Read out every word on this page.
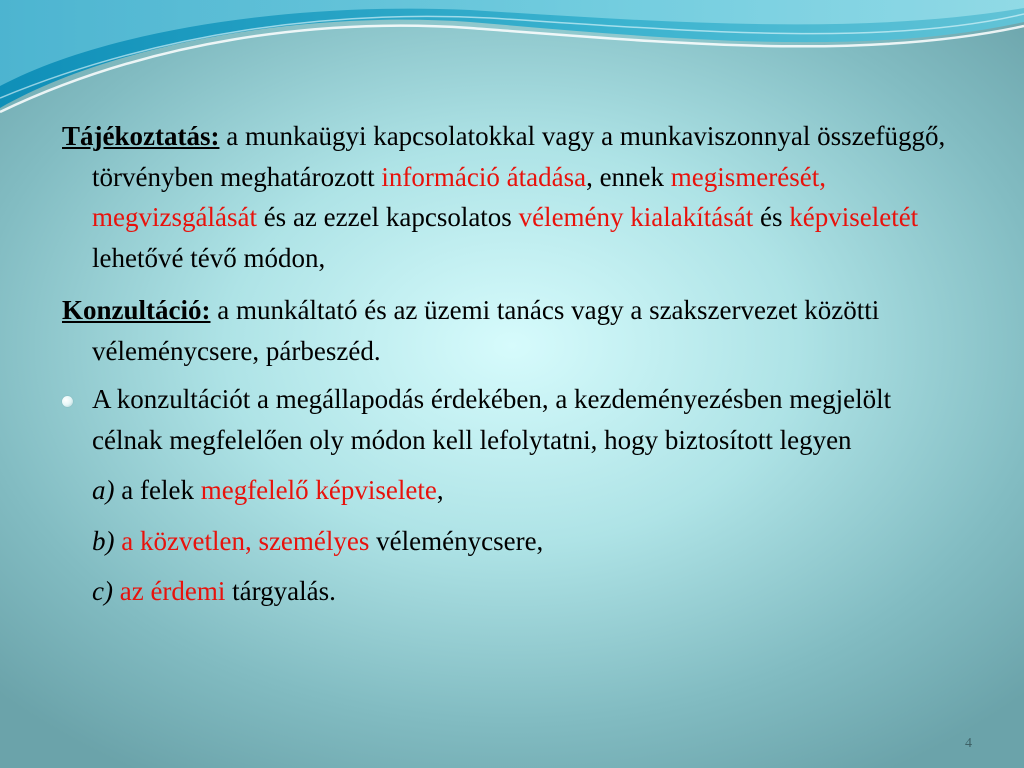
Tájékoztatás: a munkaügyi kapcsolatokkal vagy a munkaviszonnyal összefüggő, törvényben meghatározott információ átadása, ennek megismerését, megvizsgálását és az ezzel kapcsolatos vélemény kialakítását és képviseletét lehetővé tévő módon,

Konzultáció: a munkáltató és az üzemi tanács vagy a szakszervezet közötti véleménycsere, párbeszéd.

A konzultációt a megállapodás érdekében, a kezdeményezésben megjelölt célnak megfelelően oly módon kell lefolytatni, hogy biztosított legyen
a) a felek megfelelő képviselete,
b) a közvetlen, személyes véleménycsere,
c) az érdemi tárgyalás.
4
